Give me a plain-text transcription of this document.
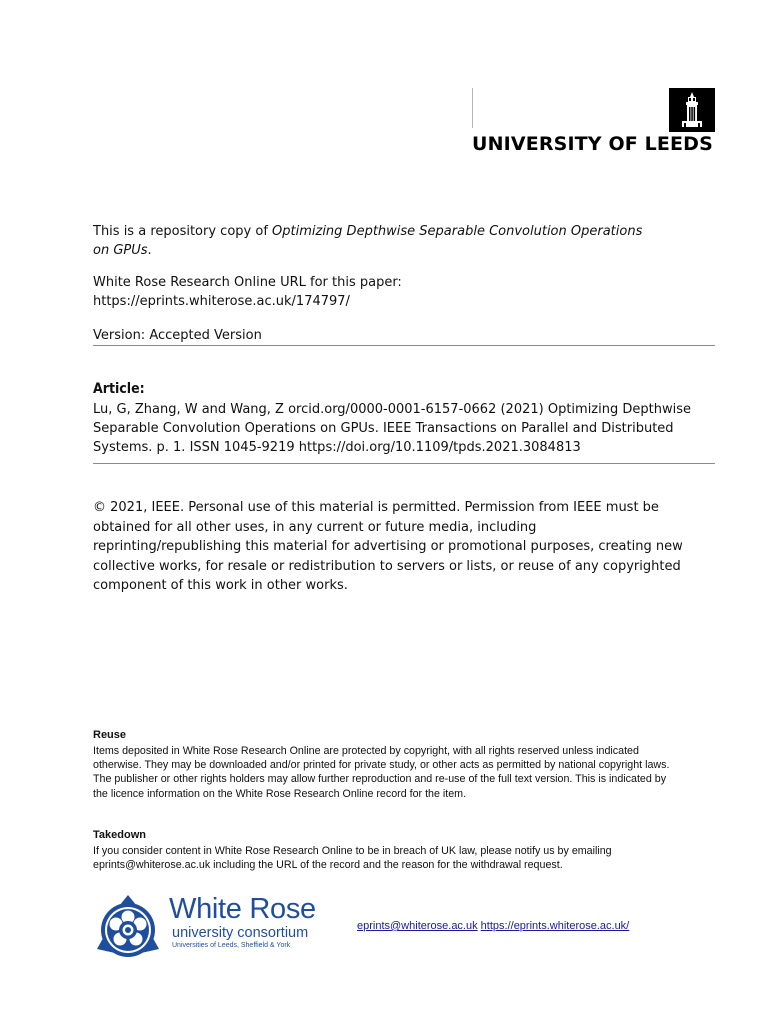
UNIVERSITY OF LEEDS
This is a repository copy of Optimizing Depthwise Separable Convolution Operations on GPUs.
White Rose Research Online URL for this paper:
https://eprints.whiterose.ac.uk/174797/
Version: Accepted Version
Article:
Lu, G, Zhang, W and Wang, Z orcid.org/0000-0001-6157-0662 (2021) Optimizing Depthwise Separable Convolution Operations on GPUs. IEEE Transactions on Parallel and Distributed Systems. p. 1. ISSN 1045-9219 https://doi.org/10.1109/tpds.2021.3084813
© 2021, IEEE. Personal use of this material is permitted. Permission from IEEE must be obtained for all other uses, in any current or future media, including reprinting/republishing this material for advertising or promotional purposes, creating new collective works, for resale or redistribution to servers or lists, or reuse of any copyrighted component of this work in other works.
Reuse
Items deposited in White Rose Research Online are protected by copyright, with all rights reserved unless indicated otherwise. They may be downloaded and/or printed for private study, or other acts as permitted by national copyright laws. The publisher or other rights holders may allow further reproduction and re-use of the full text version. This is indicated by the licence information on the White Rose Research Online record for the item.
Takedown
If you consider content in White Rose Research Online to be in breach of UK law, please notify us by emailing eprints@whiterose.ac.uk including the URL of the record and the reason for the withdrawal request.
White Rose
university consortium
Universities of Leeds, Sheffield & York
eprints@whiterose.ac.uk https://eprints.whiterose.ac.uk/
